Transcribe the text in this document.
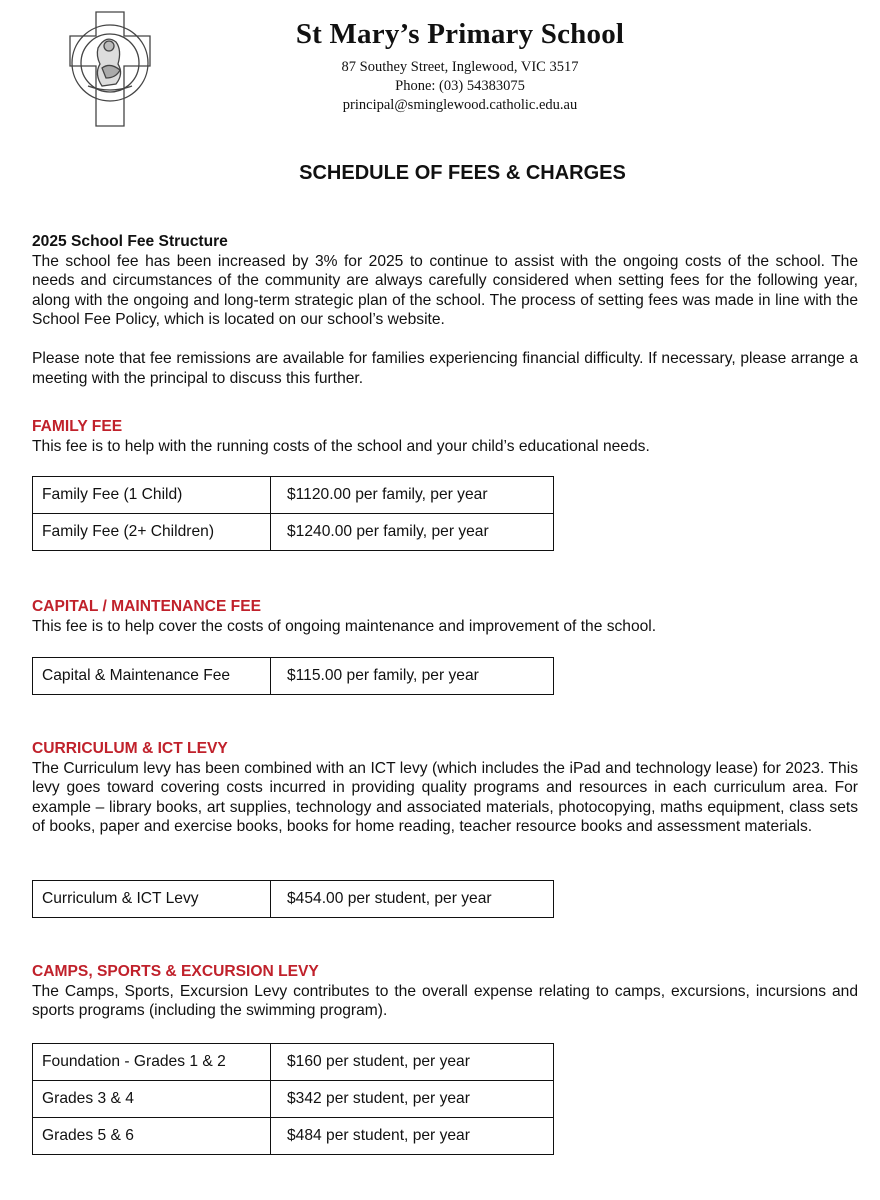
St Mary’s Primary School
87 Southey Street, Inglewood, VIC 3517
Phone: (03) 54383075
principal@sminglewood.catholic.edu.au
SCHEDULE OF FEES & CHARGES
2025 School Fee Structure

The school fee has been increased by 3% for 2025 to continue to assist with the ongoing costs of the school. The needs and circumstances of the community are always carefully considered when setting fees for the following year, along with the ongoing and long-term strategic plan of the school. The process of setting fees was made in line with the School Fee Policy, which is located on our school’s website.

Please note that fee remissions are available for families experiencing financial difficulty. If necessary, please arrange a meeting with the principal to discuss this further.

FAMILY FEE

This fee is to help with the running costs of the school and your child’s educational needs.

Family Fee (1 Child)	$1120.00 per family, per year
Family Fee (2+ Children)	$1240.00 per family, per year
CAPITAL / MAINTENANCE FEE

This fee is to help cover the costs of ongoing maintenance and improvement of the school.

Capital & Maintenance Fee	$115.00 per family, per year
CURRICULUM & ICT LEVY

The Curriculum levy has been combined with an ICT levy (which includes the iPad and technology lease) for 2023. This levy goes toward covering costs incurred in providing quality programs and resources in each curriculum area. For example – library books, art supplies, technology and associated materials, photocopying, maths equipment, class sets of books, paper and exercise books, books for home reading, teacher resource books and assessment materials.

Curriculum & ICT Levy	$454.00 per student, per year
CAMPS, SPORTS & EXCURSION LEVY

The Camps, Sports, Excursion Levy contributes to the overall expense relating to camps, excursions, incursions and sports programs (including the swimming program).

Foundation - Grades 1 & 2	$160 per student, per year
Grades 3 & 4	$342 per student, per year
Grades 5 & 6	$484 per student, per year
